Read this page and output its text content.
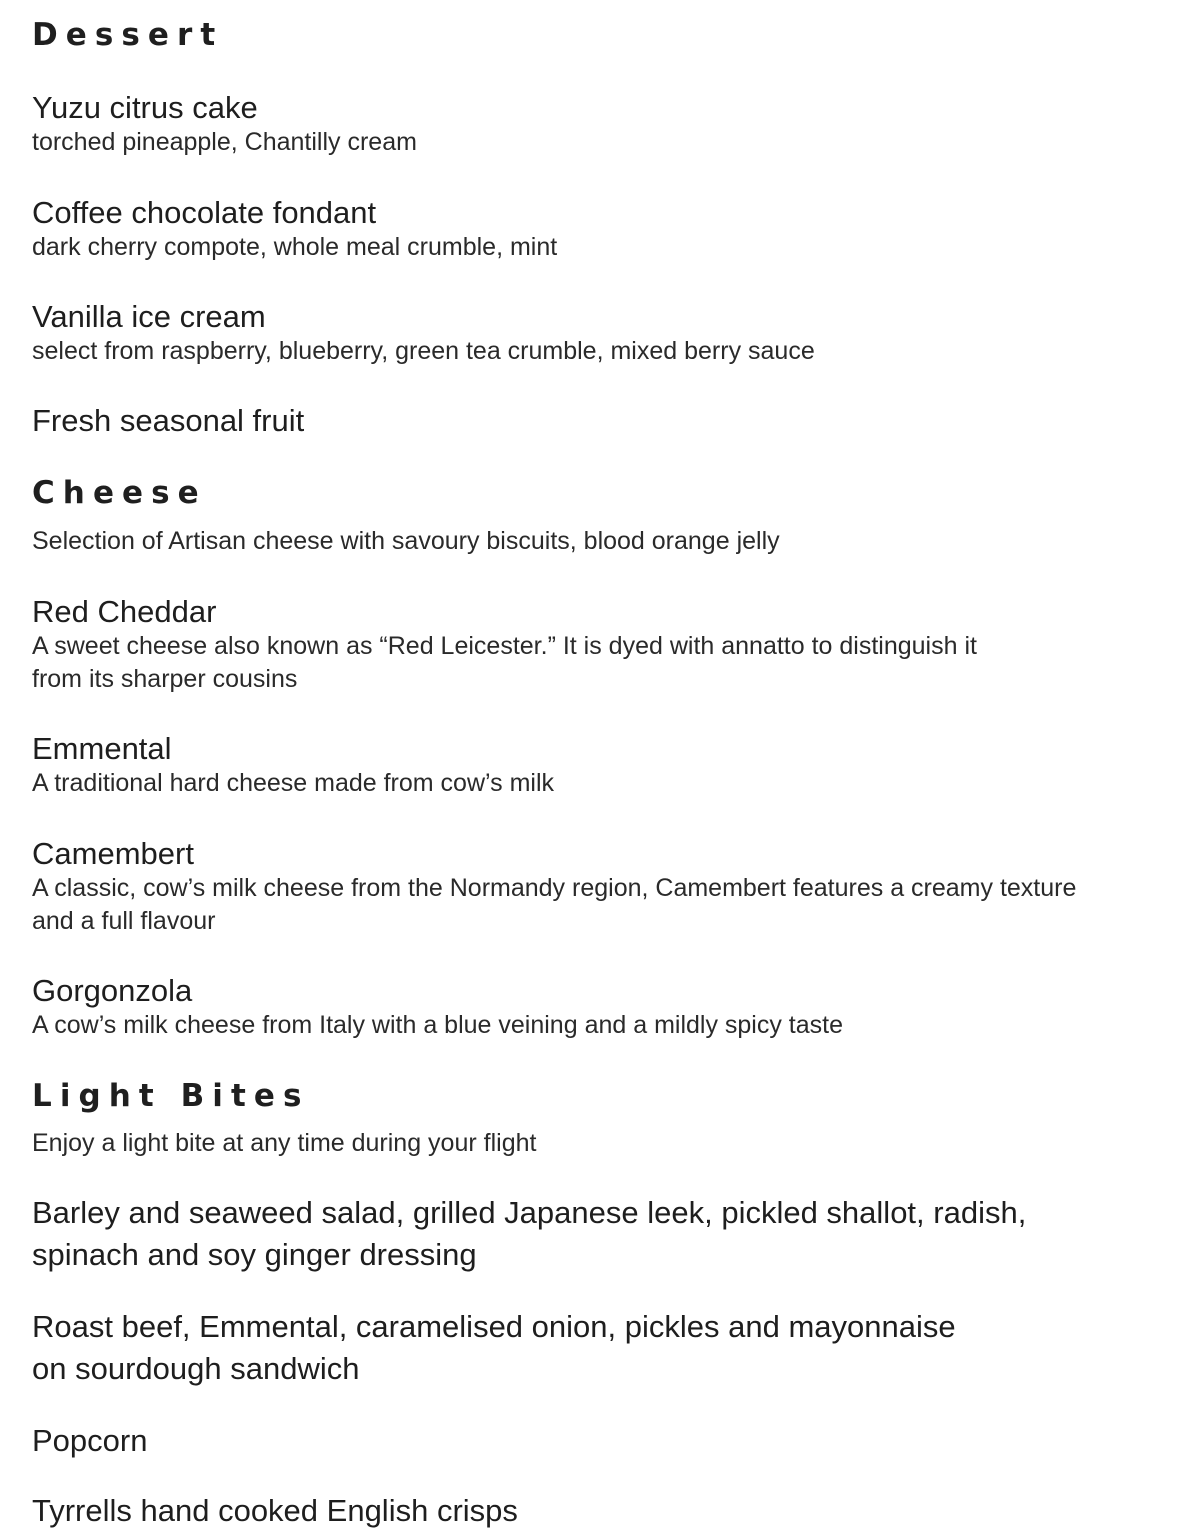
Dessert
Yuzu citrus cake
torched pineapple, Chantilly cream
Coffee chocolate fondant
dark cherry compote, whole meal crumble, mint
Vanilla ice cream
select from raspberry, blueberry, green tea crumble, mixed berry sauce
Fresh seasonal fruit
Cheese
Selection of Artisan cheese with savoury biscuits, blood orange jelly
Red Cheddar
A sweet cheese also known as “Red Leicester.” It is dyed with annatto to distinguish it
from its sharper cousins
Emmental
A traditional hard cheese made from cow’s milk
Camembert
A classic, cow’s milk cheese from the Normandy region, Camembert features a creamy texture
and a full flavour
Gorgonzola
A cow’s milk cheese from Italy with a blue veining and a mildly spicy taste
Light Bites
Enjoy a light bite at any time during your flight
Barley and seaweed salad, grilled Japanese leek, pickled shallot, radish,
spinach and soy ginger dressing
Roast beef, Emmental, caramelised onion, pickles and mayonnaise
on sourdough sandwich
Popcorn
Tyrrells hand cooked English crisps
